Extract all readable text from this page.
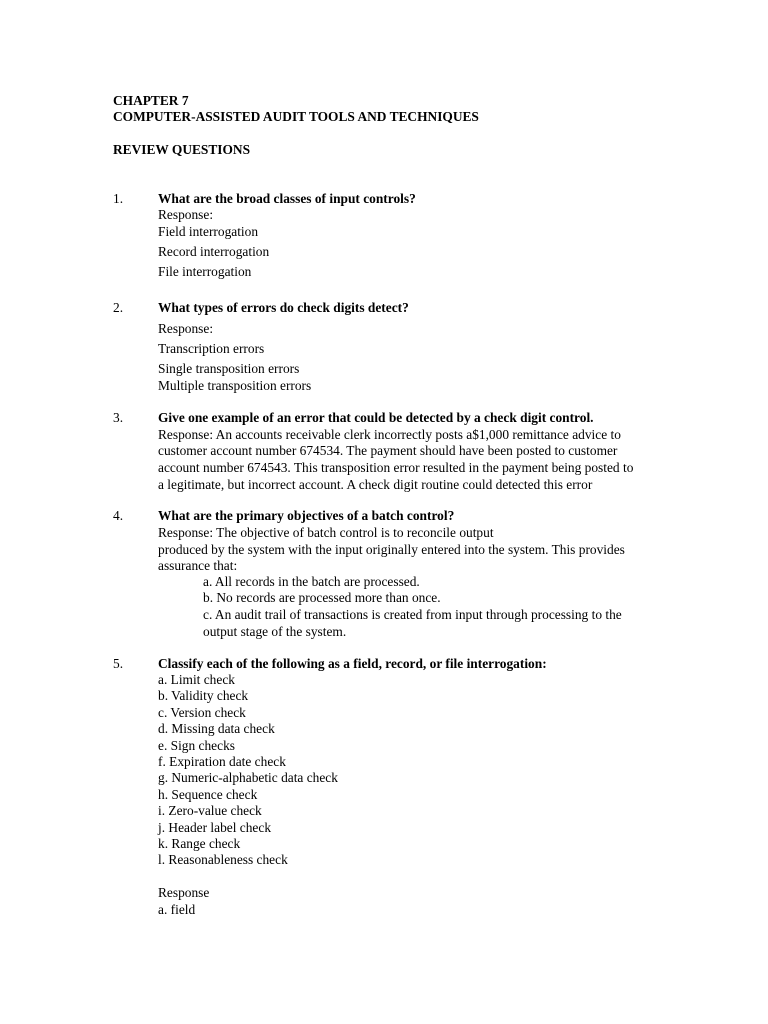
CHAPTER 7
COMPUTER-ASSISTED AUDIT TOOLS AND TECHNIQUES
REVIEW QUESTIONS
1.	What are the broad classes of input controls?
Response:
Field interrogation
Record interrogation
File interrogation
2.	What types of errors do check digits detect?
Response:
Transcription errors
Single transposition errors
Multiple transposition errors
3.	Give one example of an error that could be detected by a check digit control.
Response: An accounts receivable clerk incorrectly posts a$1,000 remittance advice to
customer account number 674534. The payment should have been posted to customer
account number 674543. This transposition error resulted in the payment being posted to
a legitimate, but incorrect account. A check digit routine could detected this error
4.	What are the primary objectives of a batch control?
Response: The objective of batch control is to reconcile output
produced by the system with the input originally entered into the system. This provides
assurance that:
a. All records in the batch are processed.
b. No records are processed more than once.
c. An audit trail of transactions is created from input through processing to the
output stage of the system.
5.	Classify each of the following as a field, record, or file interrogation:
a. Limit check
b. Validity check
c. Version check
d. Missing data check
e. Sign checks
f. Expiration date check
g. Numeric-alphabetic data check
h. Sequence check
i. Zero-value check
j. Header label check
k. Range check
l. Reasonableness check
Response
a. field
